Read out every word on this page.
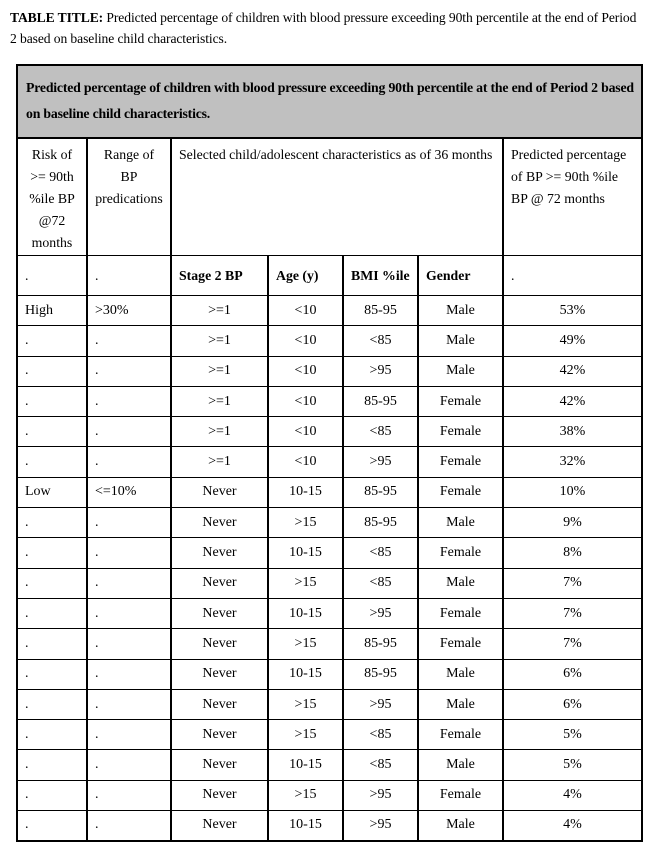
TABLE TITLE: Predicted percentage of children with blood pressure exceeding 90th percentile at the end of Period 2 based on baseline child characteristics.
Predicted percentage of children with blood pressure exceeding 90th percentile at the end of Period 2 based on baseline child characteristics.						
Risk of >= 90th %ile BP @72 months	Range of BP predications	Selected child/adolescent characteristics as of 36 months				Predicted percentage of BP >= 90th %ile BP @ 72 months
.	.	Stage 2 BP	Age (y)	BMI %ile	Gender	.
High	>30%	>=1	<10	85-95	Male	53%
.	.	>=1	<10	<85	Male	49%
.	.	>=1	<10	>95	Male	42%
.	.	>=1	<10	85-95	Female	42%
.	.	>=1	<10	<85	Female	38%
.	.	>=1	<10	>95	Female	32%
Low	<=10%	Never	10-15	85-95	Female	10%
.	.	Never	>15	85-95	Male	9%
.	.	Never	10-15	<85	Female	8%
.	.	Never	>15	<85	Male	7%
.	.	Never	10-15	>95	Female	7%
.	.	Never	>15	85-95	Female	7%
.	.	Never	10-15	85-95	Male	6%
.	.	Never	>15	>95	Male	6%
.	.	Never	>15	<85	Female	5%
.	.	Never	10-15	<85	Male	5%
.	.	Never	>15	>95	Female	4%
.	.	Never	10-15	>95	Male	4%
